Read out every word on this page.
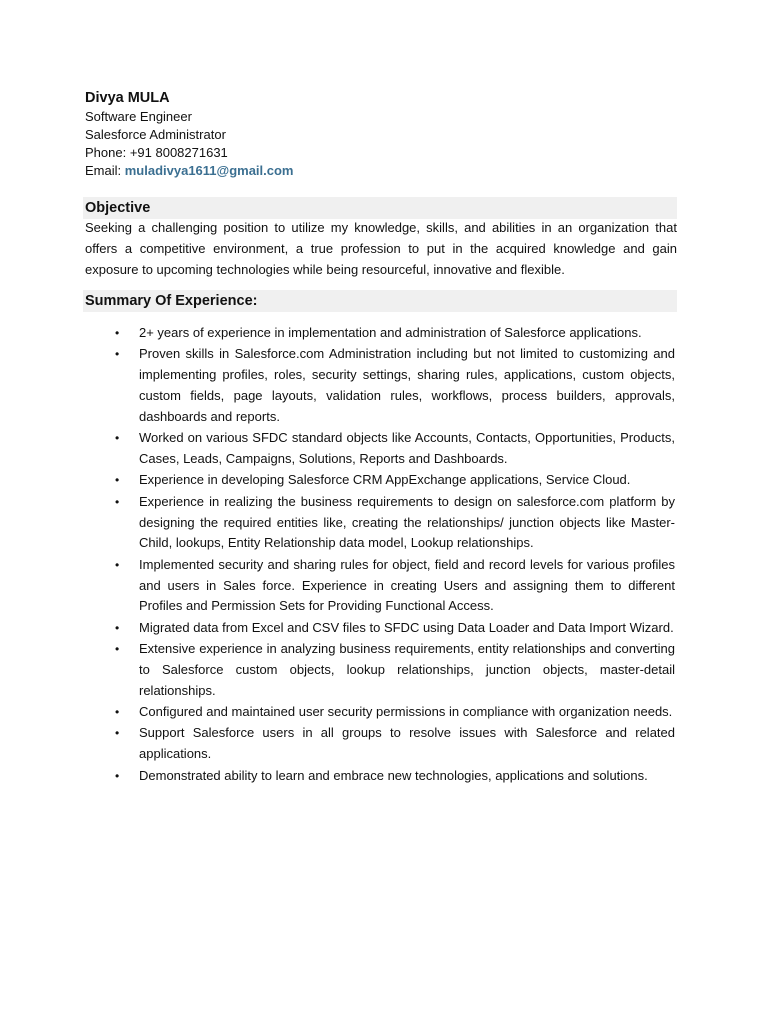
Divya MULA

Software Engineer

Salesforce Administrator

Phone: +91 8008271631

Email: muladivya1611@gmail.com

Objective

Seeking a challenging position to utilize my knowledge, skills, and abilities in an organization that offers a competitive environment, a true profession to put in the acquired knowledge and gain exposure to upcoming technologies while being resourceful, innovative and flexible.

Summary Of Experience:
• 2+ years of experience in implementation and administration of Salesforce applications.
• Proven skills in Salesforce.com Administration including but not limited to customizing and implementing profiles, roles, security settings, sharing rules, applications, custom objects, custom fields, page layouts, validation rules, workflows, process builders, approvals, dashboards and reports.
• Worked on various SFDC standard objects like Accounts, Contacts, Opportunities, Products, Cases, Leads, Campaigns, Solutions, Reports and Dashboards.
• Experience in developing Salesforce CRM AppExchange applications, Service Cloud.
• Experience in realizing the business requirements to design on salesforce.com platform by designing the required entities like, creating the relationships/ junction objects like Master- Child, lookups, Entity Relationship data model, Lookup relationships.
• Implemented security and sharing rules for object, field and record levels for various profiles and users in Sales force. Experience in creating Users and assigning them to different Profiles and Permission Sets for Providing Functional Access.
• Migrated data from Excel and CSV files to SFDC using Data Loader and Data Import Wizard.
• Extensive experience in analyzing business requirements, entity relationships and converting to Salesforce custom objects, lookup relationships, junction objects, master-detail relationships.
• Configured and maintained user security permissions in compliance with organization needs.
• Support Salesforce users in all groups to resolve issues with Salesforce and related applications.
• Demonstrated ability to learn and embrace new technologies, applications and solutions.
